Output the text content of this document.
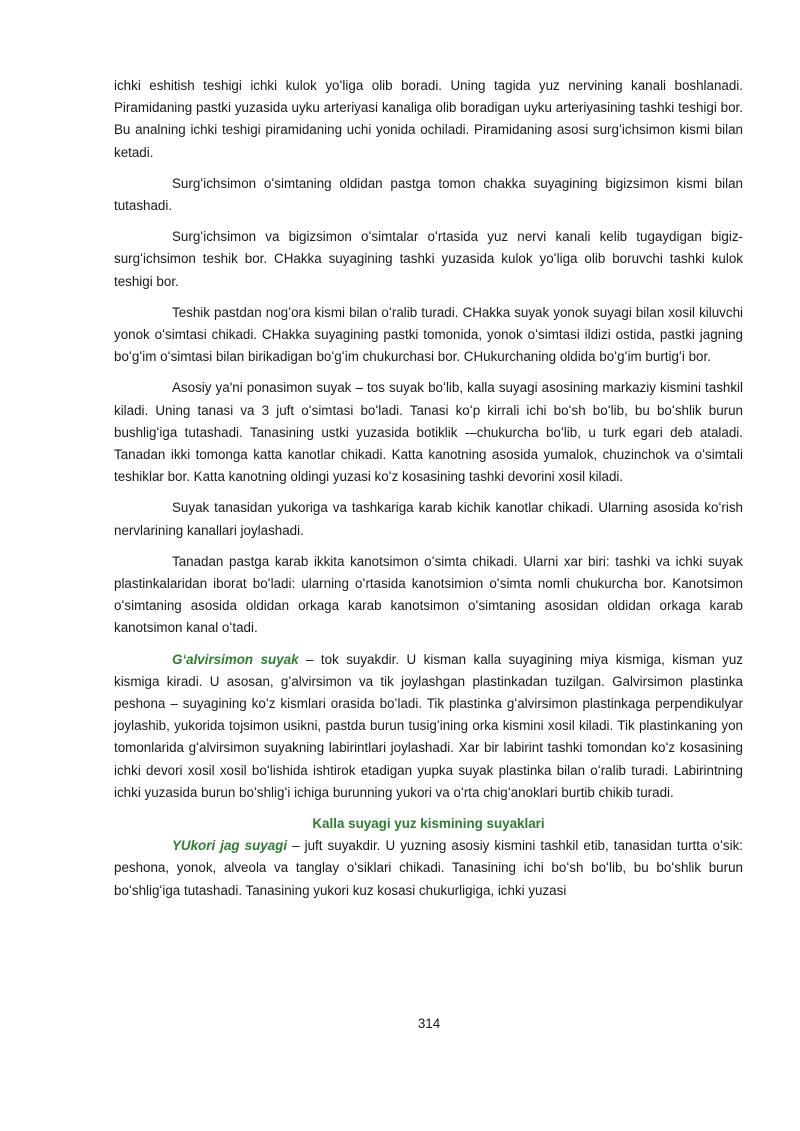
ichki eshitish teshigi ichki kulok yoʻliga olib boradi. Uning tagida yuz nervining kanali boshlanadi. Piramidaning pastki yuzasida uyku arteriyasi kanaliga olib boradigan uyku arteriyasining tashki teshigi bor. Bu analning ichki teshigi piramidaning uchi yonida ochiladi. Piramidaning asosi surgʻichsimon kismi bilan ketadi.

Surgʻichsimon oʻsimtaning oldidan pastga tomon chakka suyagining bigizsimon kismi bilan tutashadi.

Surgʻichsimon va bigizsimon oʻsimtalar oʻrtasida yuz nervi kanali kelib tugaydigan bigiz-surgʻichsimon teshik bor. CHakka suyagining tashki yuzasida kulok yoʻliga olib boruvchi tashki kulok teshigi bor.

Teshik pastdan nogʻora kismi bilan oʻralib turadi. CHakka suyak yonok suyagi bilan xosil kiluvchi yonok oʻsimtasi chikadi. CHakka suyagining pastki tomonida, yonok oʻsimtasi ildizi ostida, pastki jagning boʻgʻim oʻsimtasi bilan birikadigan boʻgʻim chukurchasi bor. CHukurchaning oldida boʻgʻim burtigʻi bor.

Asosiy ya'ni ponasimon suyak – tos suyak boʻlib, kalla suyagi asosining markaziy kismini tashkil kiladi. Uning tanasi va 3 juft oʻsimtasi boʻladi. Tanasi koʻp kirrali ichi boʻsh boʻlib, bu boʻshlik burun bushligʻiga tutashadi. Tanasining ustki yuzasida botiklik -–chukurcha boʻlib, u turk egari deb ataladi. Tanadan ikki tomonga katta kanotlar chikadi. Katta kanotning asosida yumalok, chuzinchok va oʻsimtali teshiklar bor. Katta kanotning oldingi yuzasi koʻz kosasining tashki devorini xosil kiladi.

Suyak tanasidan yukoriga va tashkariga karab kichik kanotlar chikadi. Ularning asosida koʻrish nervlarining kanallari joylashadi.

Tanadan pastga karab ikkita kanotsimon oʻsimta chikadi. Ularni xar biri: tashki va ichki suyak plastinkalaridan iborat boʻladi: ularning oʻrtasida kanotsimion oʻsimta nomli chukurcha bor. Kanotsimon oʻsimtaning asosida oldidan orkaga karab kanotsimon oʻsimtaning asosidan oldidan orkaga karab kanotsimon kanal oʻtadi.

Gʻalvirsimon suyak – tok suyakdir. U kisman kalla suyagining miya kismiga, kisman yuz kismiga kiradi. U asosan, gʻalvirsimon va tik joylashgan plastinkadan tuzilgan. Galvirsimon plastinka peshona – suyagining koʻz kismlari orasida boʻladi. Tik plastinka gʻalvirsimon plastinkaga perpendikulyar joylashib, yukorida tojsimon usikni, pastda burun tusigʻining orka kismini xosil kiladi. Tik plastinkaning yon tomonlarida gʻalvirsimon suyakning labirintlari joylashadi. Xar bir labirint tashki tomondan koʻz kosasining ichki devori xosil xosil boʻlishida ishtirok etadigan yupka suyak plastinka bilan oʻralib turadi. Labirintning ichki yuzasida burun boʻshligʻi ichiga burunning yukori va oʻrta chigʻanoklari burtib chikib turadi.

Kalla suyagi yuz kismining suyaklari

YUkori jag suyagi – juft suyakdir. U yuzning asosiy kismini tashkil etib, tanasidan turtta oʻsik: peshona, yonok, alveola va tanglay oʻsiklari chikadi. Tanasining ichi boʻsh boʻlib, bu boʻshlik burun boʻshligʻiga tutashadi. Tanasining yukori kuz kosasi chukurligiga, ichki yuzasi

314
